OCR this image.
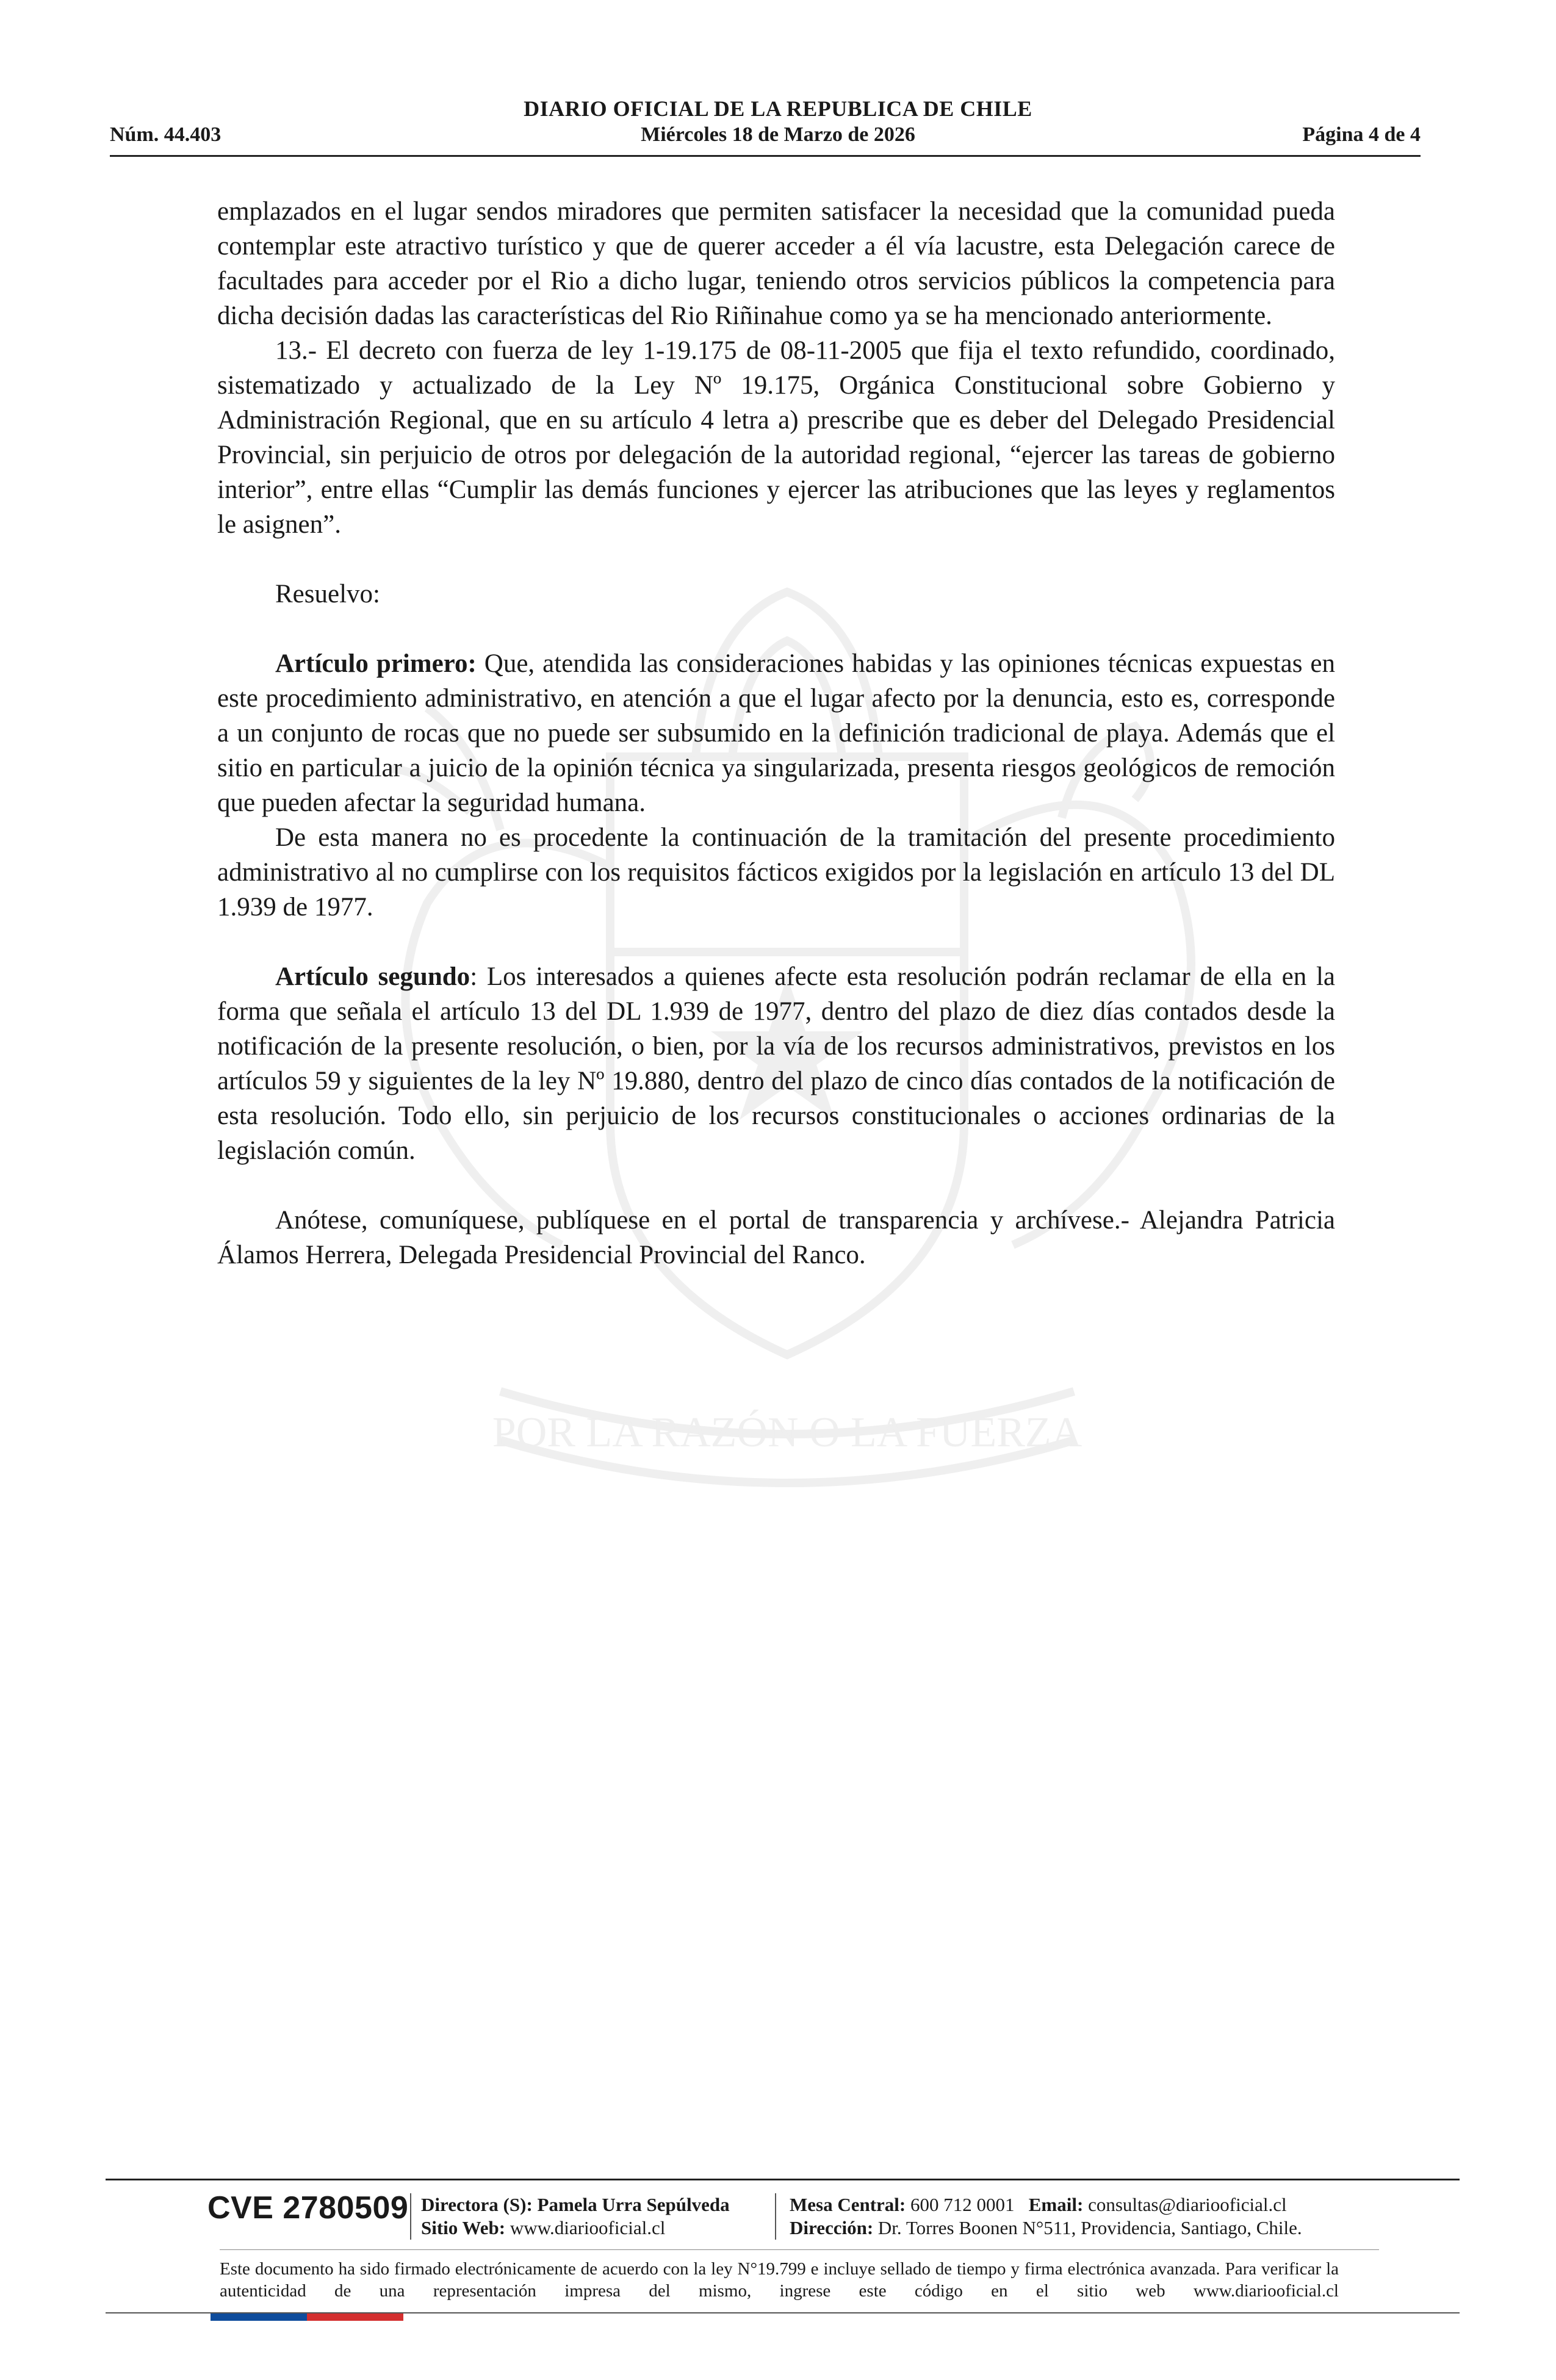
DIARIO OFICIAL DE LA REPUBLICA DE CHILE
Núm. 44.403	Miércoles 18 de Marzo de 2026	Página 4 de 4
POR LA RAZÓN O LA FUERZA

emplazados en el lugar sendos miradores que permiten satisfacer la necesidad que la comunidad pueda contemplar este atractivo turístico y que de querer acceder a él vía lacustre, esta Delegación carece de facultades para acceder por el Rio a dicho lugar, teniendo otros servicios públicos la competencia para dicha decisión dadas las características del Rio Riñinahue como ya se ha mencionado anteriormente.

13.- El decreto con fuerza de ley 1-19.175 de 08-11-2005 que fija el texto refundido, coordinado, sistematizado y actualizado de la Ley Nº 19.175, Orgánica Constitucional sobre Gobierno y Administración Regional, que en su artículo 4 letra a) prescribe que es deber del Delegado Presidencial Provincial, sin perjuicio de otros por delegación de la autoridad regional, “ejercer las tareas de gobierno interior”, entre ellas “Cumplir las demás funciones y ejercer las atribuciones que las leyes y reglamentos le asignen”.

Resuelvo:

Artículo primero: Que, atendida las consideraciones habidas y las opiniones técnicas expuestas en este procedimiento administrativo, en atención a que el lugar afecto por la denuncia, esto es, corresponde a un conjunto de rocas que no puede ser subsumido en la definición tradicional de playa. Además que el sitio en particular a juicio de la opinión técnica ya singularizada, presenta riesgos geológicos de remoción que pueden afectar la seguridad humana.

De esta manera no es procedente la continuación de la tramitación del presente procedimiento administrativo al no cumplirse con los requisitos fácticos exigidos por la legislación en artículo 13 del DL 1.939 de 1977.

Artículo segundo: Los interesados a quienes afecte esta resolución podrán reclamar de ella en la forma que señala el artículo 13 del DL 1.939 de 1977, dentro del plazo de diez días contados desde la notificación de la presente resolución, o bien, por la vía de los recursos administrativos, previstos en los artículos 59 y siguientes de la ley Nº 19.880, dentro del plazo de cinco días contados de la notificación de esta resolución. Todo ello, sin perjuicio de los recursos constitucionales o acciones ordinarias de la legislación común.

Anótese, comuníquese, publíquese en el portal de transparencia y archívese.- Alejandra Patricia Álamos Herrera, Delegada Presidencial Provincial del Ranco.

CVE 2780509 Directora (S): Pamela Urra Sepúlveda
Sitio Web: www.diariooficial.cl
Mesa Central: 600 712 0001 Email: consultas@diariooficial.cl
Dirección: Dr. Torres Boonen N°511, Providencia, Santiago, Chile.
Este documento ha sido firmado electrónicamente de acuerdo con la ley N°19.799 e incluye sellado de tiempo y firma electrónica avanzada. Para verificar la autenticidad de una representación impresa del mismo, ingrese este código en el sitio web www.diariooficial.cl
